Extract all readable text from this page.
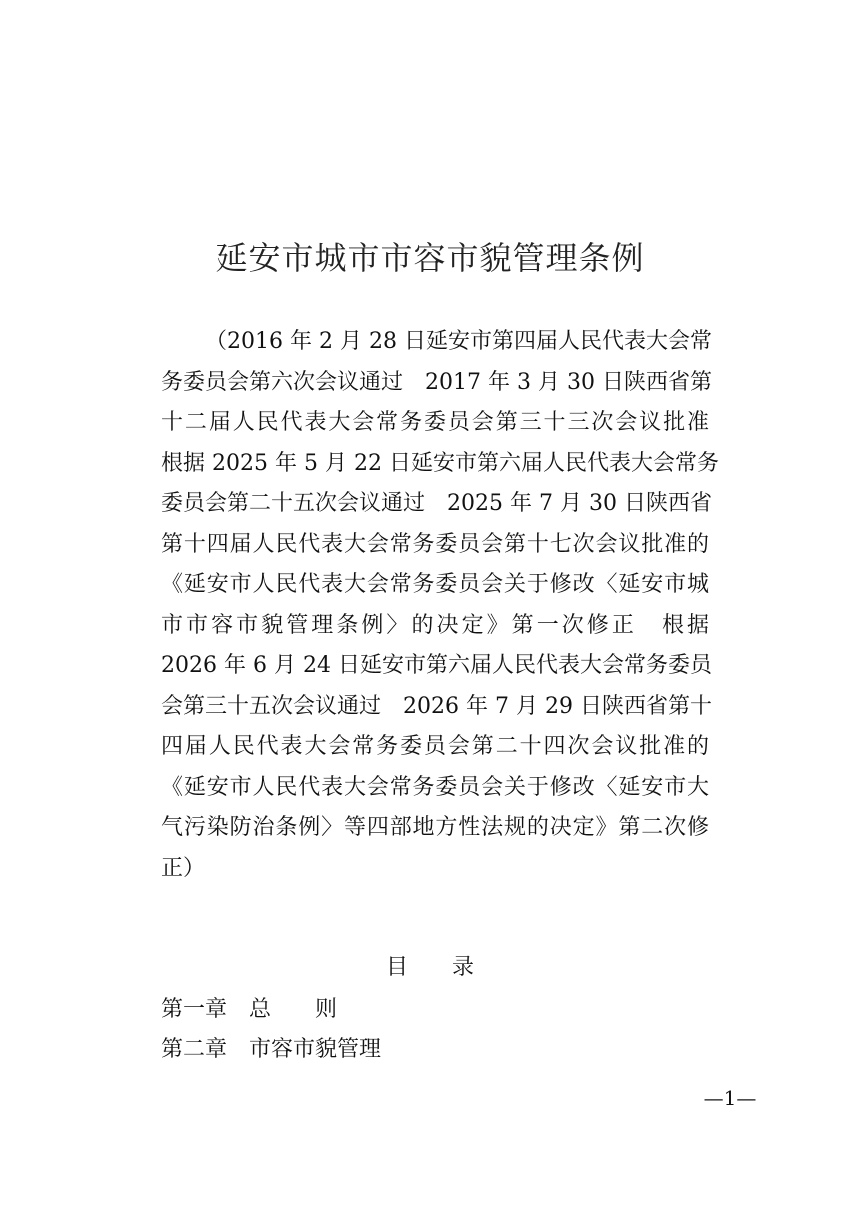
延安市城市市容市貌管理条例
（2016 年 2 月 28 日延安市第四届人民代表大会常
务委员会第六次会议通过　2017 年 3 月 30 日陕西省第
十二届人民代表大会常务委员会第三十三次会议批准
根据 2025 年 5 月 22 日延安市第六届人民代表大会常务
委员会第二十五次会议通过　2025 年 7 月 30 日陕西省
第十四届人民代表大会常务委员会第十七次会议批准的
《延安市人民代表大会常务委员会关于修改〈延安市城
市市容市貌管理条例〉的决定》第一次修正　根据
2026 年 6 月 24 日延安市第六届人民代表大会常务委员
会第三十五次会议通过　2026 年 7 月 29 日陕西省第十
四届人民代表大会常务委员会第二十四次会议批准的
《延安市人民代表大会常务委员会关于修改〈延安市大
气污染防治条例〉等四部地方性法规的决定》第二次修
正）
目　　录
第一章　总　　则
第二章　市容市貌管理
—1—
